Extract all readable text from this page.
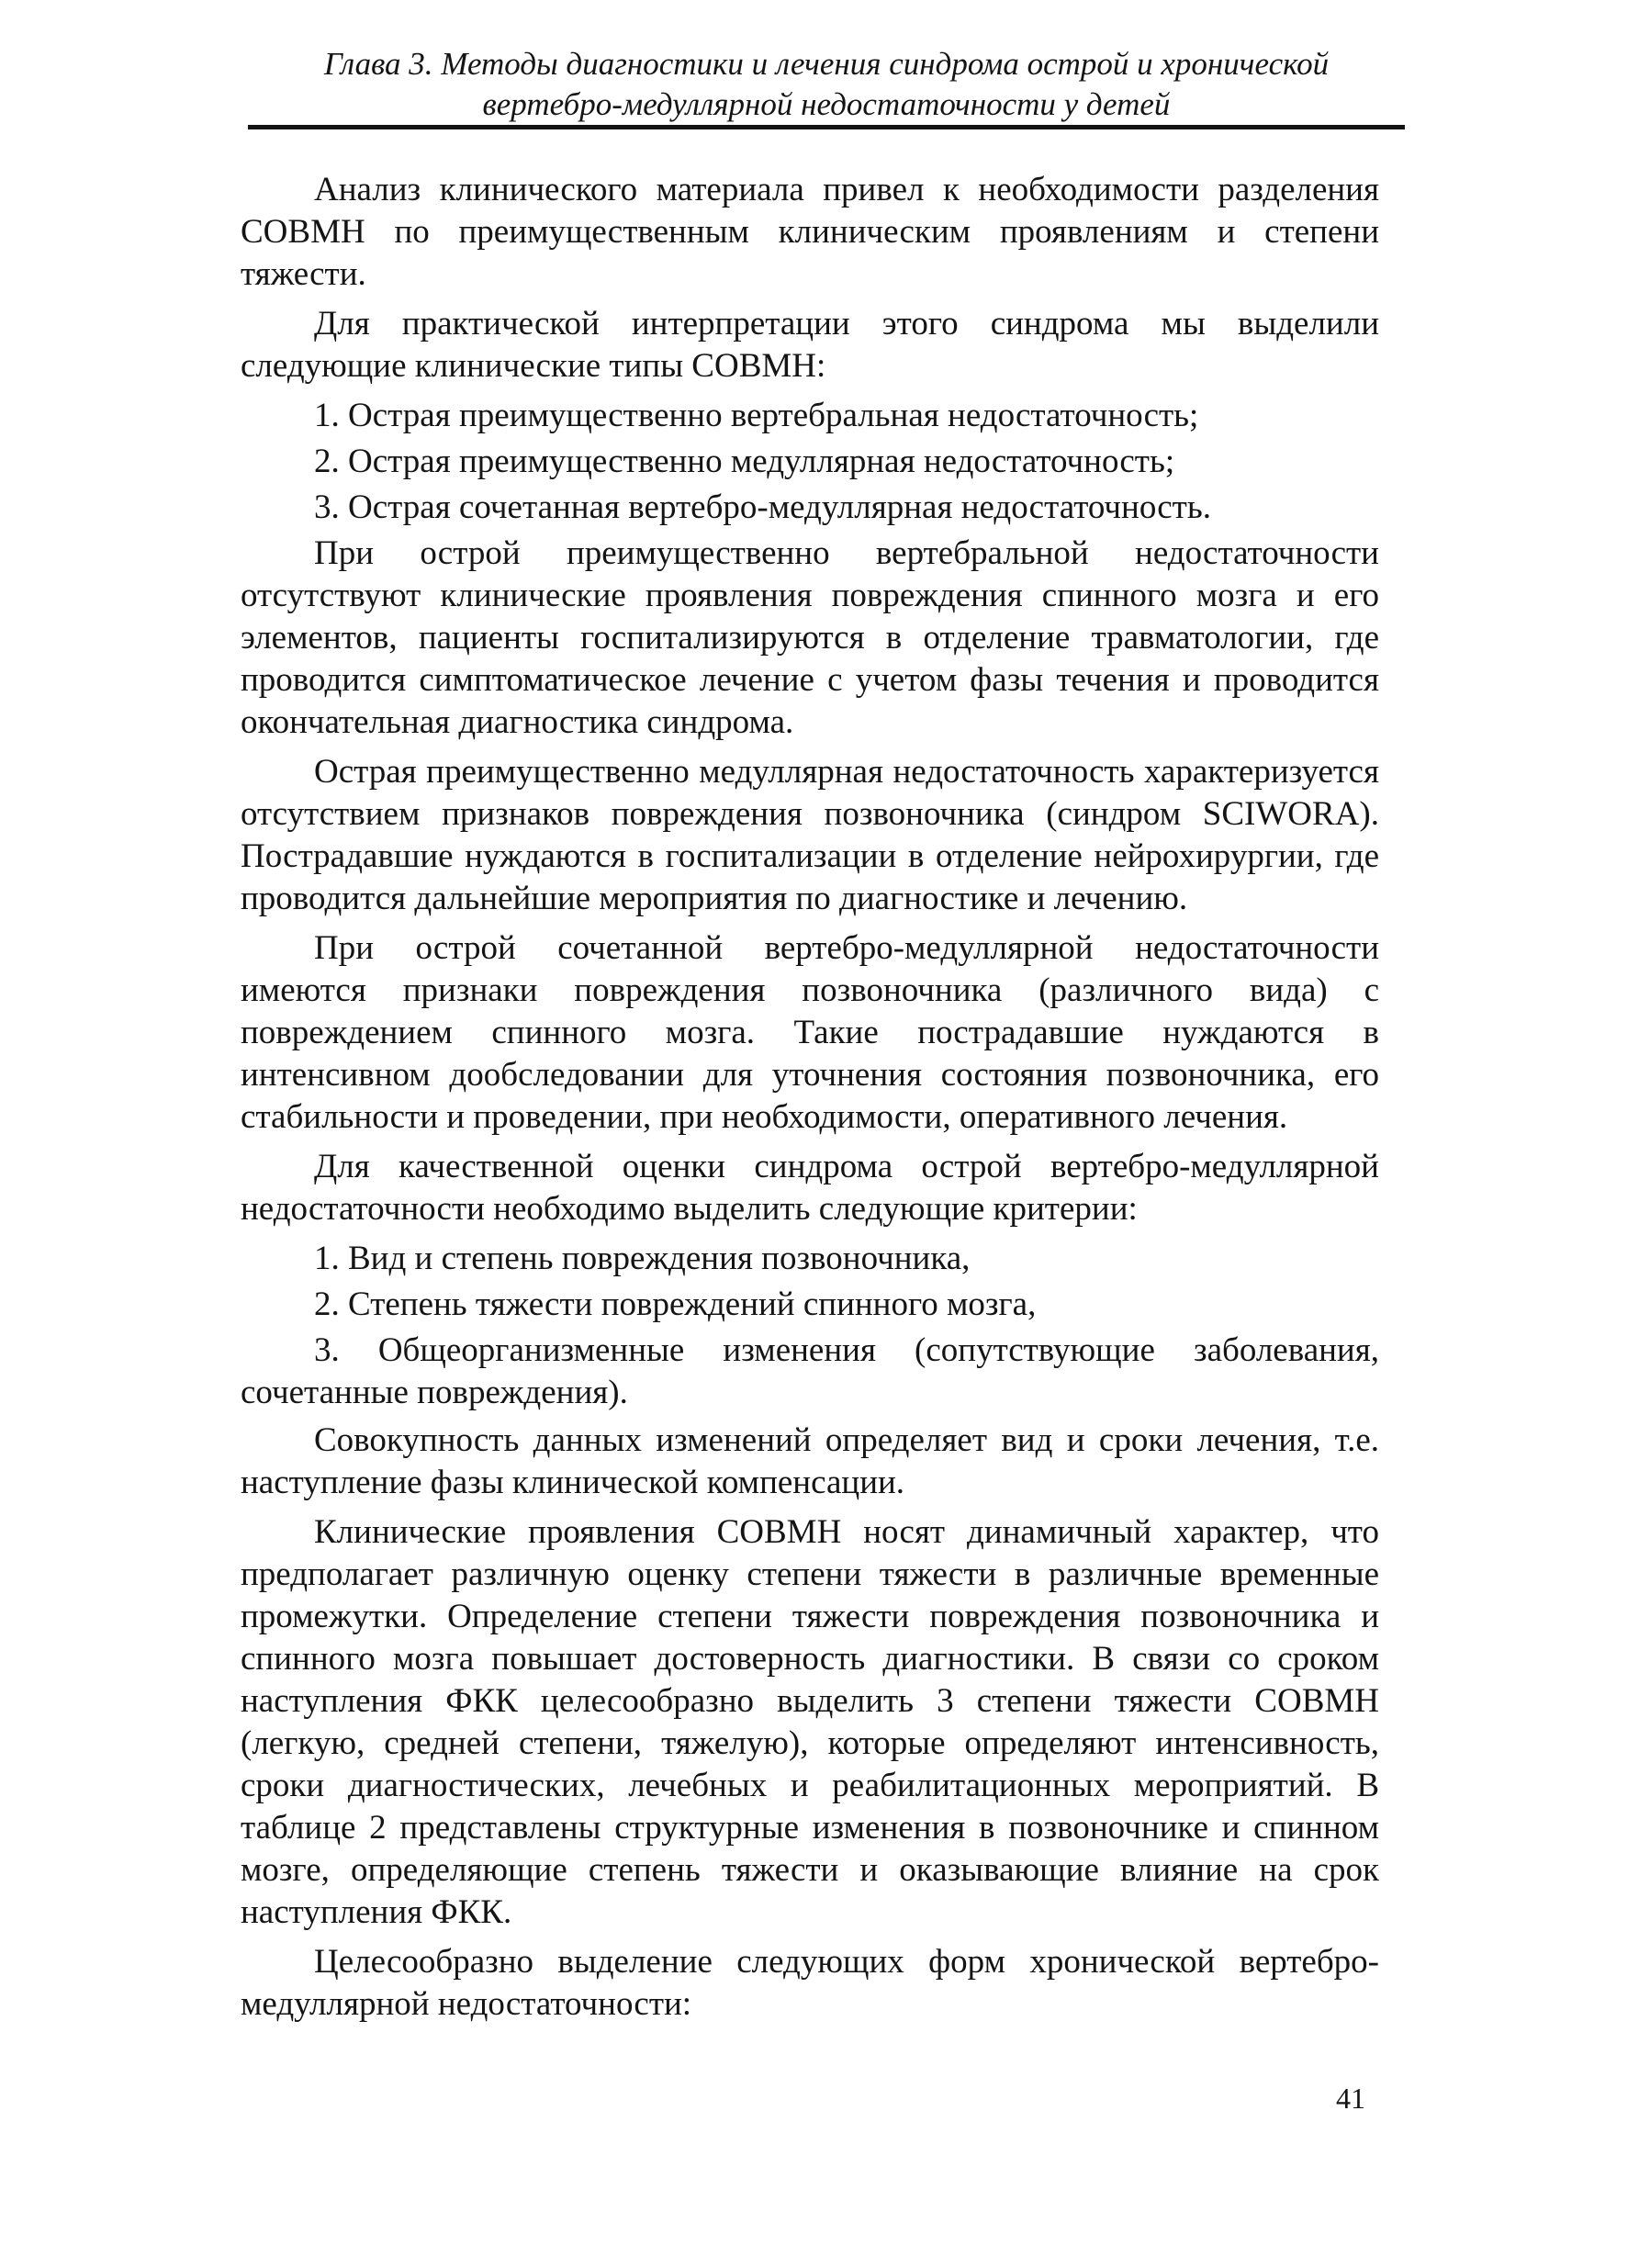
Глава 3. Методы диагностики и лечения синдрома острой и хронической
вертебро-медуллярной недостаточности у детей

Анализ клинического материала привел к необходимости разделения СОВМН по преимущественным клиническим проявлениям и степени тяжести.

Для практической интерпретации этого синдрома мы выделили следующие клинические типы СОВМН:

1. Острая преимущественно вертебральная недостаточность;

2. Острая преимущественно медуллярная недостаточность;

3. Острая сочетанная вертебро-медуллярная недостаточность.

При острой преимущественно вертебральной недостаточности отсутствуют клинические проявления повреждения спинного мозга и его элементов, пациенты госпитализируются в отделение травматологии, где проводится симптоматическое лечение с учетом фазы течения и проводится окончательная диагностика синдрома.

Острая преимущественно медуллярная недостаточность характеризуется отсутствием признаков повреждения позвоночника (синдром SCIWORA). Пострадавшие нуждаются в госпитализации в отделение нейрохирургии, где проводится дальнейшие мероприятия по диагностике и лечению.

При острой сочетанной вертебро-медуллярной недостаточности имеются признаки повреждения позвоночника (различного вида) с повреждением спинного мозга. Такие пострадавшие нуждаются в интенсивном дообследовании для уточнения состояния позвоночника, его стабильности и проведении, при необходимости, оперативного лечения.

Для качественной оценки синдрома острой вертебро-медуллярной недостаточности необходимо выделить следующие критерии:

1. Вид и степень повреждения позвоночника,

2. Степень тяжести повреждений спинного мозга,

3. Общеорганизменные изменения (сопутствующие заболевания, сочетанные повреждения).

Совокупность данных изменений определяет вид и сроки лечения, т.е. наступление фазы клинической компенсации.

Клинические проявления СОВМН носят динамичный характер, что предполагает различную оценку степени тяжести в различные временные промежутки. Определение степени тяжести повреждения позвоночника и спинного мозга повышает достоверность диагностики. В связи со сроком наступления ФКК целесообразно выделить 3 степени тяжести СОВМН (легкую, средней степени, тяжелую), которые определяют интенсивность, сроки диагностических, лечебных и реабилитационных мероприятий. В таблице 2 представлены структурные изменения в позвоночнике и спинном мозге, определяющие степень тяжести и оказывающие влияние на срок наступления ФКК.

Целесообразно выделение следующих форм хронической вертебро-медуллярной недостаточности:

41
